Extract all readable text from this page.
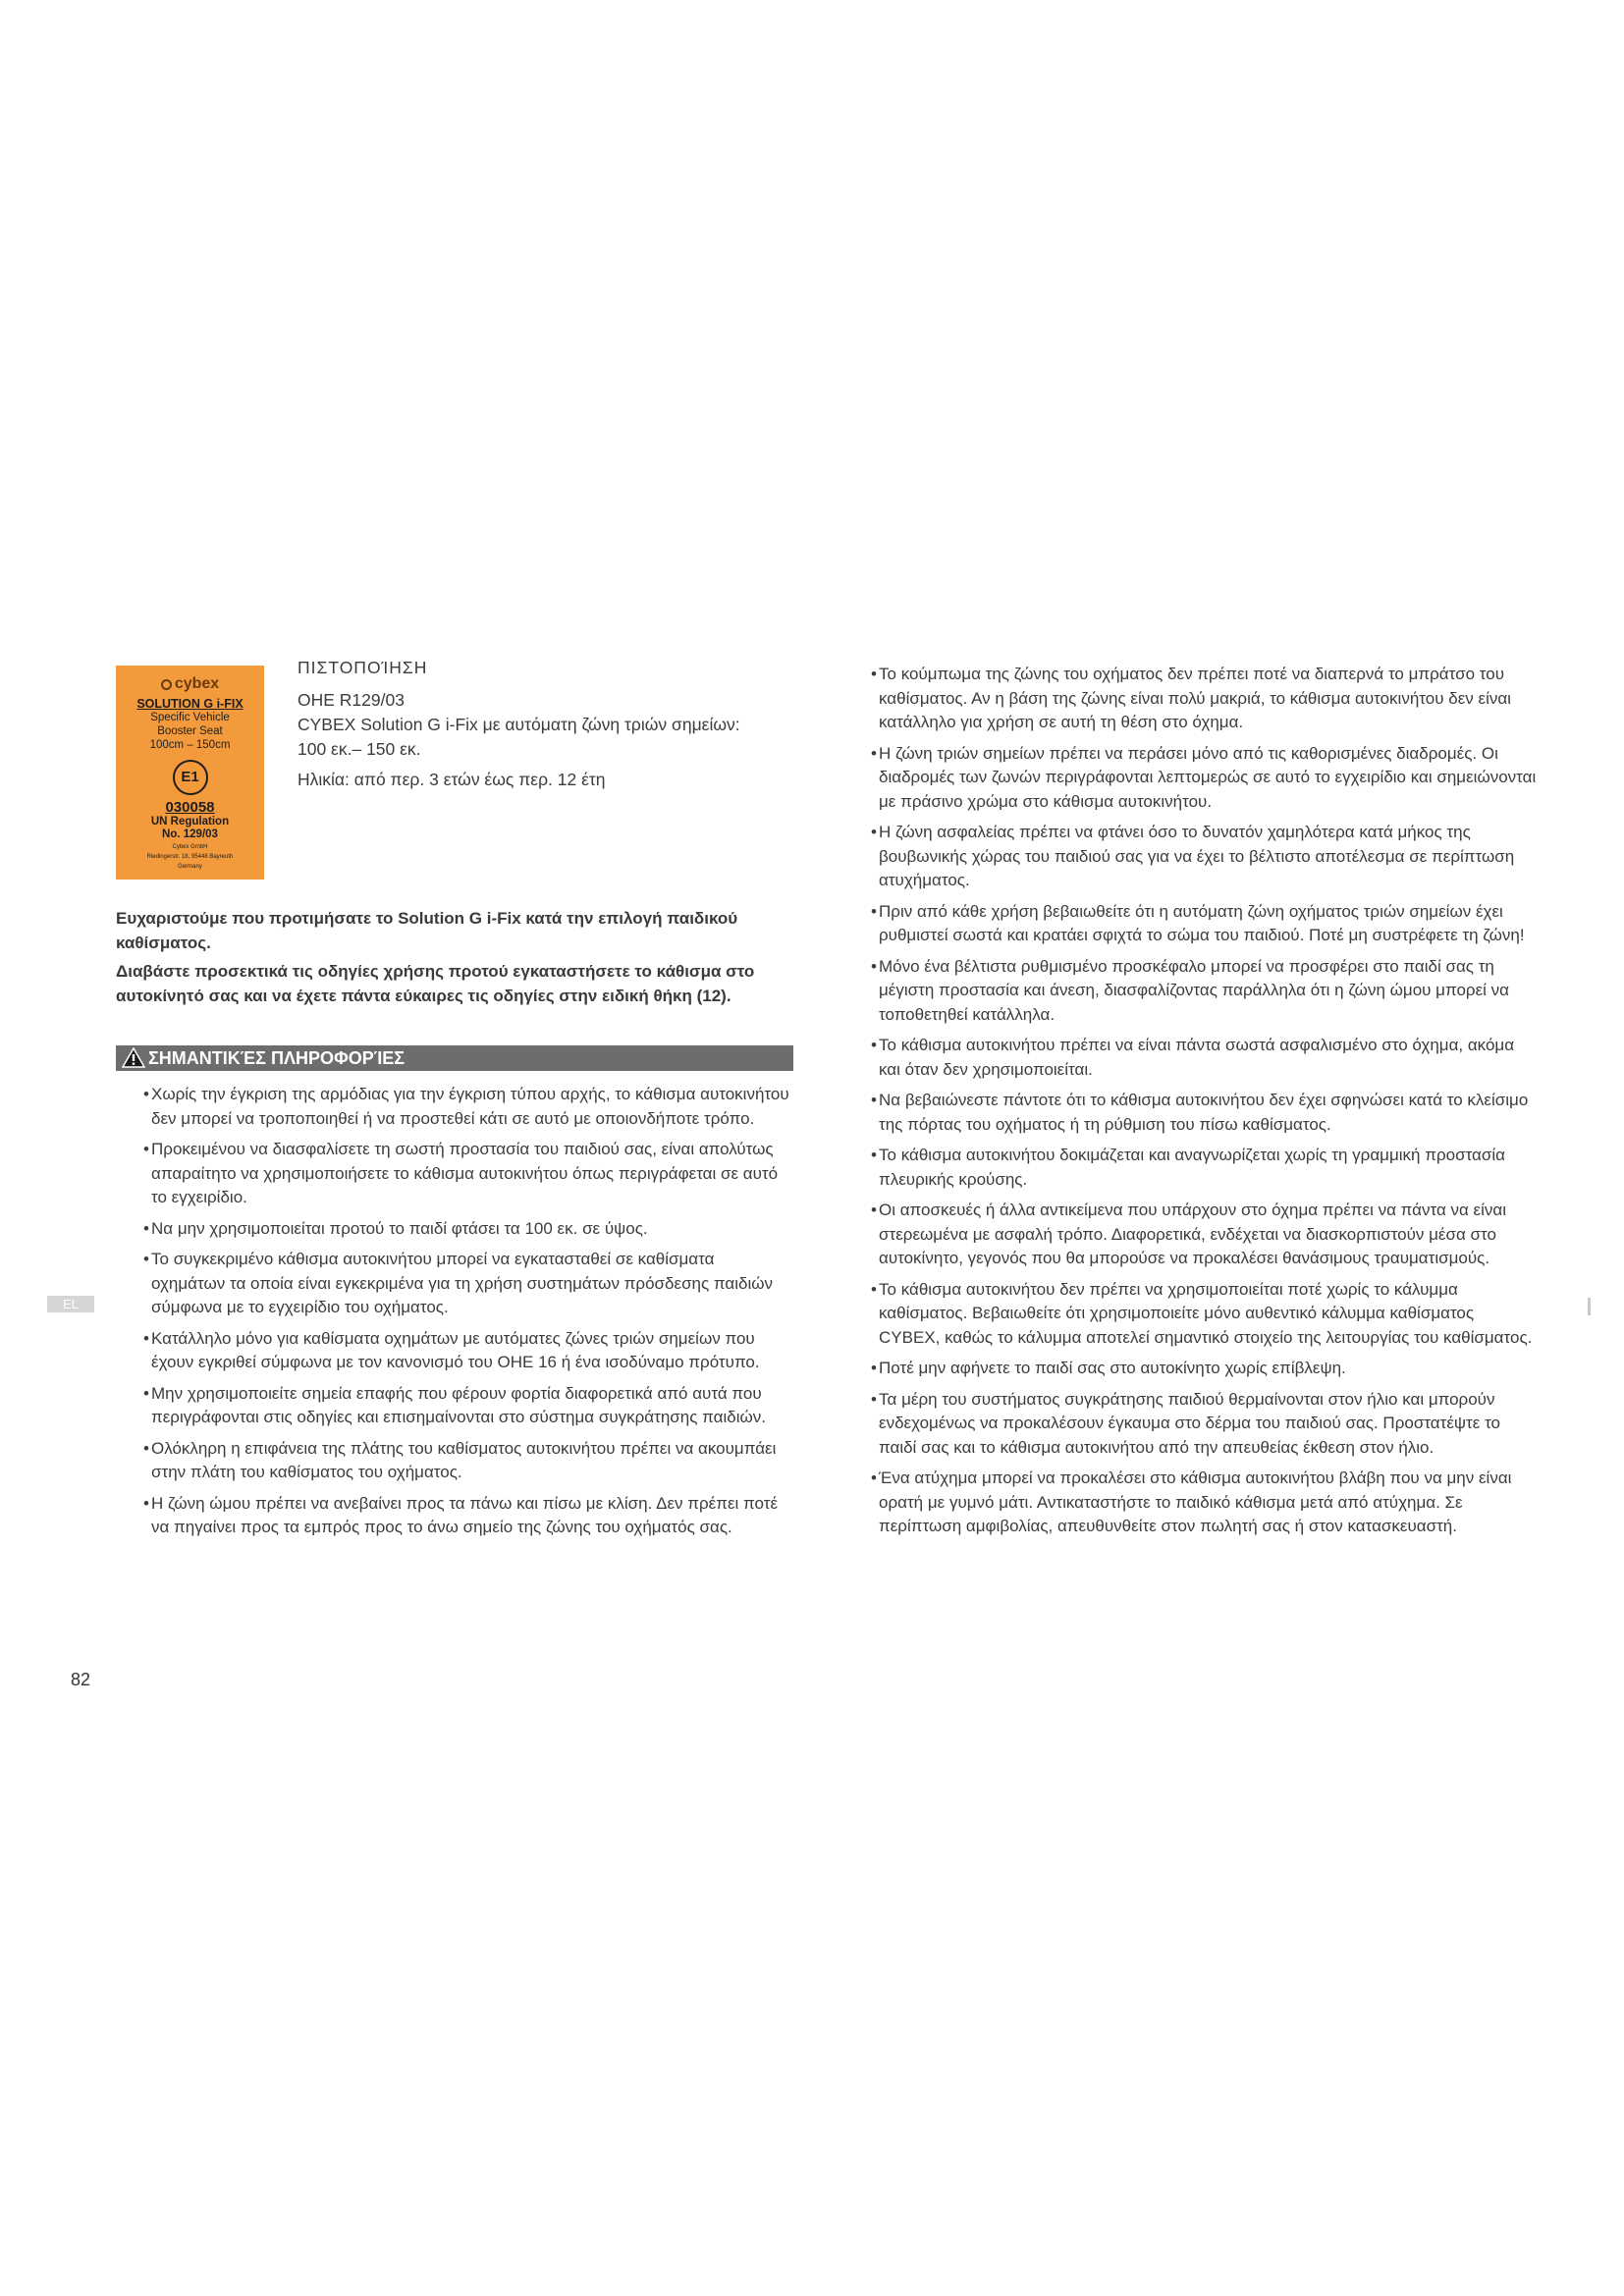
cybex
SOLUTION G i-FIX
Specific Vehicle
Booster Seat
100cm – 150cm
E1
030058
UN Regulation
No. 129/03
Cybex GmbH
Riedingerstr. 18, 95448 Bayreuth
Germany
ΠΙΣΤΟΠΟΊΗΣΗ

ΟΗΕ R129/03

CYBEX Solution G i-Fix με αυτόματη ζώνη τριών σημείων: 100 εκ.– 150 εκ.

Ηλικία: από περ. 3 ετών έως περ. 12 έτη

Ευχαριστούμε που προτιμήσατε το Solution G i-Fix κατά την επιλογή παιδικού καθίσματος.

Διαβάστε προσεκτικά τις οδηγίες χρήσης προτού εγκαταστήσετε το κάθισμα στο αυτοκίνητό σας και να έχετε πάντα εύκαιρες τις οδηγίες στην ειδική θήκη (12).

ΣΗΜΑΝΤΙΚΈΣ ΠΛΗΡΟΦΟΡΊΕΣ
• Χωρίς την έγκριση της αρμόδιας για την έγκριση τύπου αρχής, το κάθισμα αυτοκινήτου δεν μπορεί να τροποποιηθεί ή να προστεθεί κάτι σε αυτό με οποιονδήποτε τρόπο.
• Προκειμένου να διασφαλίσετε τη σωστή προστασία του παιδιού σας, είναι απολύτως απαραίτητο να χρησιμοποιήσετε το κάθισμα αυτοκινήτου όπως περιγράφεται σε αυτό το εγχειρίδιο.
• Να μην χρησιμοποιείται προτού το παιδί φτάσει τα 100 εκ. σε ύψος.
• Το συγκεκριμένο κάθισμα αυτοκινήτου μπορεί να εγκατασταθεί σε καθίσματα οχημάτων τα οποία είναι εγκεκριμένα για τη χρήση συστημάτων πρόσδεσης παιδιών σύμφωνα με το εγχειρίδιο του οχήματος.
• Κατάλληλο μόνο για καθίσματα οχημάτων με αυτόματες ζώνες τριών σημείων που έχουν εγκριθεί σύμφωνα με τον κανονισμό του ΟΗΕ 16 ή ένα ισοδύναμο πρότυπο.
• Μην χρησιμοποιείτε σημεία επαφής που φέρουν φορτία διαφορετικά από αυτά που περιγράφονται στις οδηγίες και επισημαίνονται στο σύστημα συγκράτησης παιδιών.
• Ολόκληρη η επιφάνεια της πλάτης του καθίσματος αυτοκινήτου πρέπει να ακουμπάει στην πλάτη του καθίσματος του οχήματος.
• Η ζώνη ώμου πρέπει να ανεβαίνει προς τα πάνω και πίσω με κλίση. Δεν πρέπει ποτέ να πηγαίνει προς τα εμπρός προς το άνω σημείο της ζώνης του οχήματός σας.
• Το κούμπωμα της ζώνης του οχήματος δεν πρέπει ποτέ να διαπερνά το μπράτσο του καθίσματος. Αν η βάση της ζώνης είναι πολύ μακριά, το κάθισμα αυτοκινήτου δεν είναι κατάλληλο για χρήση σε αυτή τη θέση στο όχημα.
• Η ζώνη τριών σημείων πρέπει να περάσει μόνο από τις καθορισμένες διαδρομές. Οι διαδρομές των ζωνών περιγράφονται λεπτομερώς σε αυτό το εγχειρίδιο και σημειώνονται με πράσινο χρώμα στο κάθισμα αυτοκινήτου.
• Η ζώνη ασφαλείας πρέπει να φτάνει όσο το δυνατόν χαμηλότερα κατά μήκος της βουβωνικής χώρας του παιδιού σας για να έχει το βέλτιστο αποτέλεσμα σε περίπτωση ατυχήματος.
• Πριν από κάθε χρήση βεβαιωθείτε ότι η αυτόματη ζώνη οχήματος τριών σημείων έχει ρυθμιστεί σωστά και κρατάει σφιχτά το σώμα του παιδιού. Ποτέ μη συστρέφετε τη ζώνη!
• Μόνο ένα βέλτιστα ρυθμισμένο προσκέφαλο μπορεί να προσφέρει στο παιδί σας τη μέγιστη προστασία και άνεση, διασφαλίζοντας παράλληλα ότι η ζώνη ώμου μπορεί να τοποθετηθεί κατάλληλα.
• Το κάθισμα αυτοκινήτου πρέπει να είναι πάντα σωστά ασφαλισμένο στο όχημα, ακόμα και όταν δεν χρησιμοποιείται.
• Να βεβαιώνεστε πάντοτε ότι το κάθισμα αυτοκινήτου δεν έχει σφηνώσει κατά το κλείσιμο της πόρτας του οχήματος ή τη ρύθμιση του πίσω καθίσματος.
• Το κάθισμα αυτοκινήτου δοκιμάζεται και αναγνωρίζεται χωρίς τη γραμμική προστασία πλευρικής κρούσης.
• Οι αποσκευές ή άλλα αντικείμενα που υπάρχουν στο όχημα πρέπει να πάντα να είναι στερεωμένα με ασφαλή τρόπο. Διαφορετικά, ενδέχεται να διασκορπιστούν μέσα στο αυτοκίνητο, γεγονός που θα μπορούσε να προκαλέσει θανάσιμους τραυματισμούς.
• Το κάθισμα αυτοκινήτου δεν πρέπει να χρησιμοποιείται ποτέ χωρίς το κάλυμμα καθίσματος. Βεβαιωθείτε ότι χρησιμοποιείτε μόνο αυθεντικό κάλυμμα καθίσματος CYBEX, καθώς το κάλυμμα αποτελεί σημαντικό στοιχείο της λειτουργίας του καθίσματος.
• Ποτέ μην αφήνετε το παιδί σας στο αυτοκίνητο χωρίς επίβλεψη.
• Τα μέρη του συστήματος συγκράτησης παιδιού θερμαίνονται στον ήλιο και μπορούν ενδεχομένως να προκαλέσουν έγκαυμα στο δέρμα του παιδιού σας. Προστατέψτε το παιδί σας και το κάθισμα αυτοκινήτου από την απευθείας έκθεση στον ήλιο.
• Ένα ατύχημα μπορεί να προκαλέσει στο κάθισμα αυτοκινήτου βλάβη που να μην είναι ορατή με γυμνό μάτι. Αντικαταστήστε το παιδικό κάθισμα μετά από ατύχημα. Σε περίπτωση αμφιβολίας, απευθυνθείτε στον πωλητή σας ή στον κατασκευαστή.
EL
82
